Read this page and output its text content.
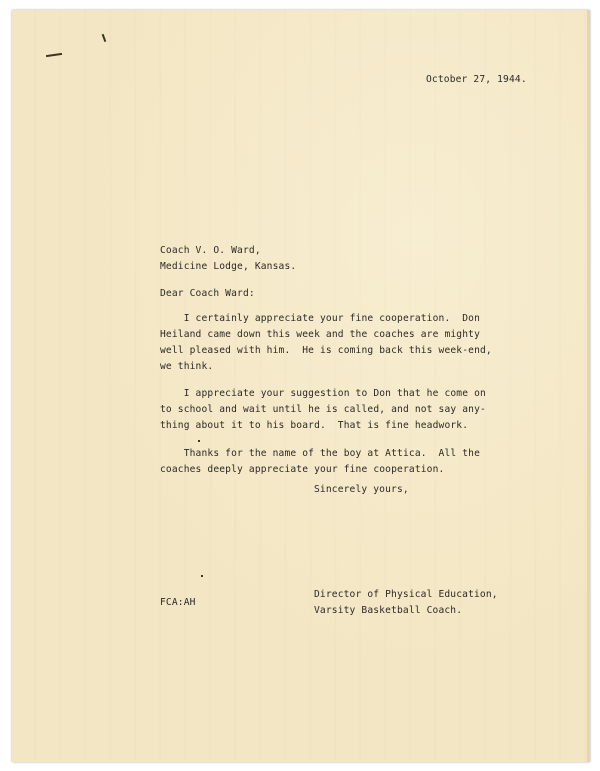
October 27, 1944.
Coach V. O. Ward,
Medicine Lodge, Kansas.
Dear Coach Ward:
I certainly appreciate your fine cooperation.  Don
Heiland came down this week and the coaches are mighty
well pleased with him.  He is coming back this week-end,
we think.
I appreciate your suggestion to Don that he come on
to school and wait until he is called, and not say any-
thing about it to his board.  That is fine headwork.
Thanks for the name of the boy at Attica.  All the
coaches deeply appreciate your fine cooperation.
Sincerely yours,
FCA:AH
Director of Physical Education,
Varsity Basketball Coach.
